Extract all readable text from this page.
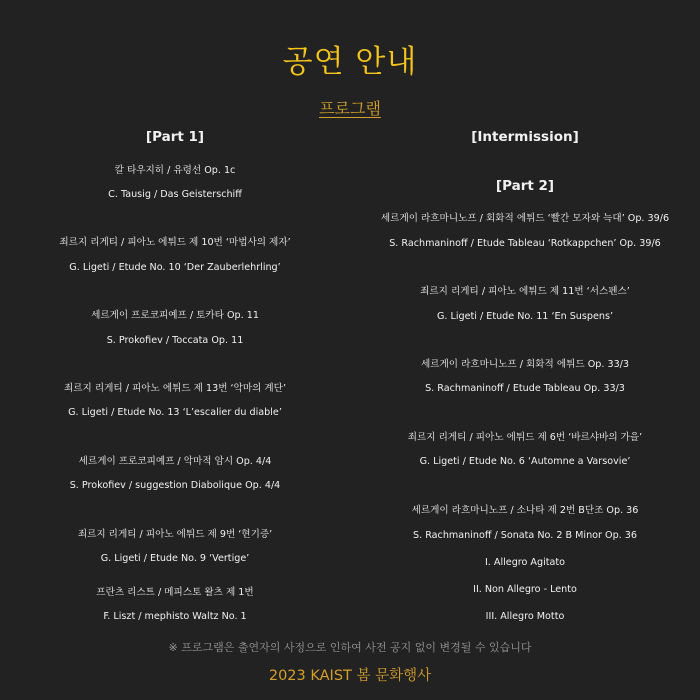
공연 안내
프로그램
[Part 1]
칼 타우지히 / 유령선 Op. 1c
C. Tausig / Das Geisterschiff
죄르지 리게티 / 피아노 에튀드 제 10번 ‘마법사의 제자’
G. Ligeti / Etude No. 10 ‘Der Zauberlehrling’
세르게이 프로코피예프 / 토카타 Op. 11
S. Prokofiev / Toccata Op. 11
죄르지 리게티 / 피아노 에튀드 제 13번 ‘악마의 계단’
G. Ligeti / Etude No. 13 ‘L’escalier du diable’
세르게이 프로코피예프 / 악마적 암시 Op. 4/4
S. Prokofiev / suggestion Diabolique Op. 4/4
죄르지 리게티 / 피아노 에튀드 제 9번 ‘현기증’
G. Ligeti / Etude No. 9 ‘Vertige’
프란츠 리스트 / 메피스토 왈츠 제 1번
F. Liszt / mephisto Waltz No. 1
[Intermission]
[Part 2]
세르게이 라흐마니노프 / 회화적 에튀드 ‘빨간 모자와 늑대’ Op. 39/6
S. Rachmaninoff / Etude Tableau ‘Rotkappchen’ Op. 39/6
죄르지 리게티 / 피아노 에튀드 제 11번 ‘서스펜스’
G. Ligeti / Etude No. 11 ‘En Suspens’
세르게이 라흐마니노프 / 회화적 에튀드 Op. 33/3
S. Rachmaninoff / Etude Tableau Op. 33/3
죄르지 리게티 / 피아노 에튀드 제 6번 ‘바르샤바의 가을’
G. Ligeti / Etude No. 6 ‘Automne a Varsovie’
세르게이 라흐마니노프 / 소나타 제 2번 B단조 Op. 36
S. Rachmaninoff / Sonata No. 2 B Minor Op. 36
I. Allegro Agitato
II. Non Allegro - Lento
III. Allegro Motto
※ 프로그램은 출연자의 사정으로 인하여 사전 공지 없이 변경될 수 있습니다
2023 KAIST 봄 문화행사
